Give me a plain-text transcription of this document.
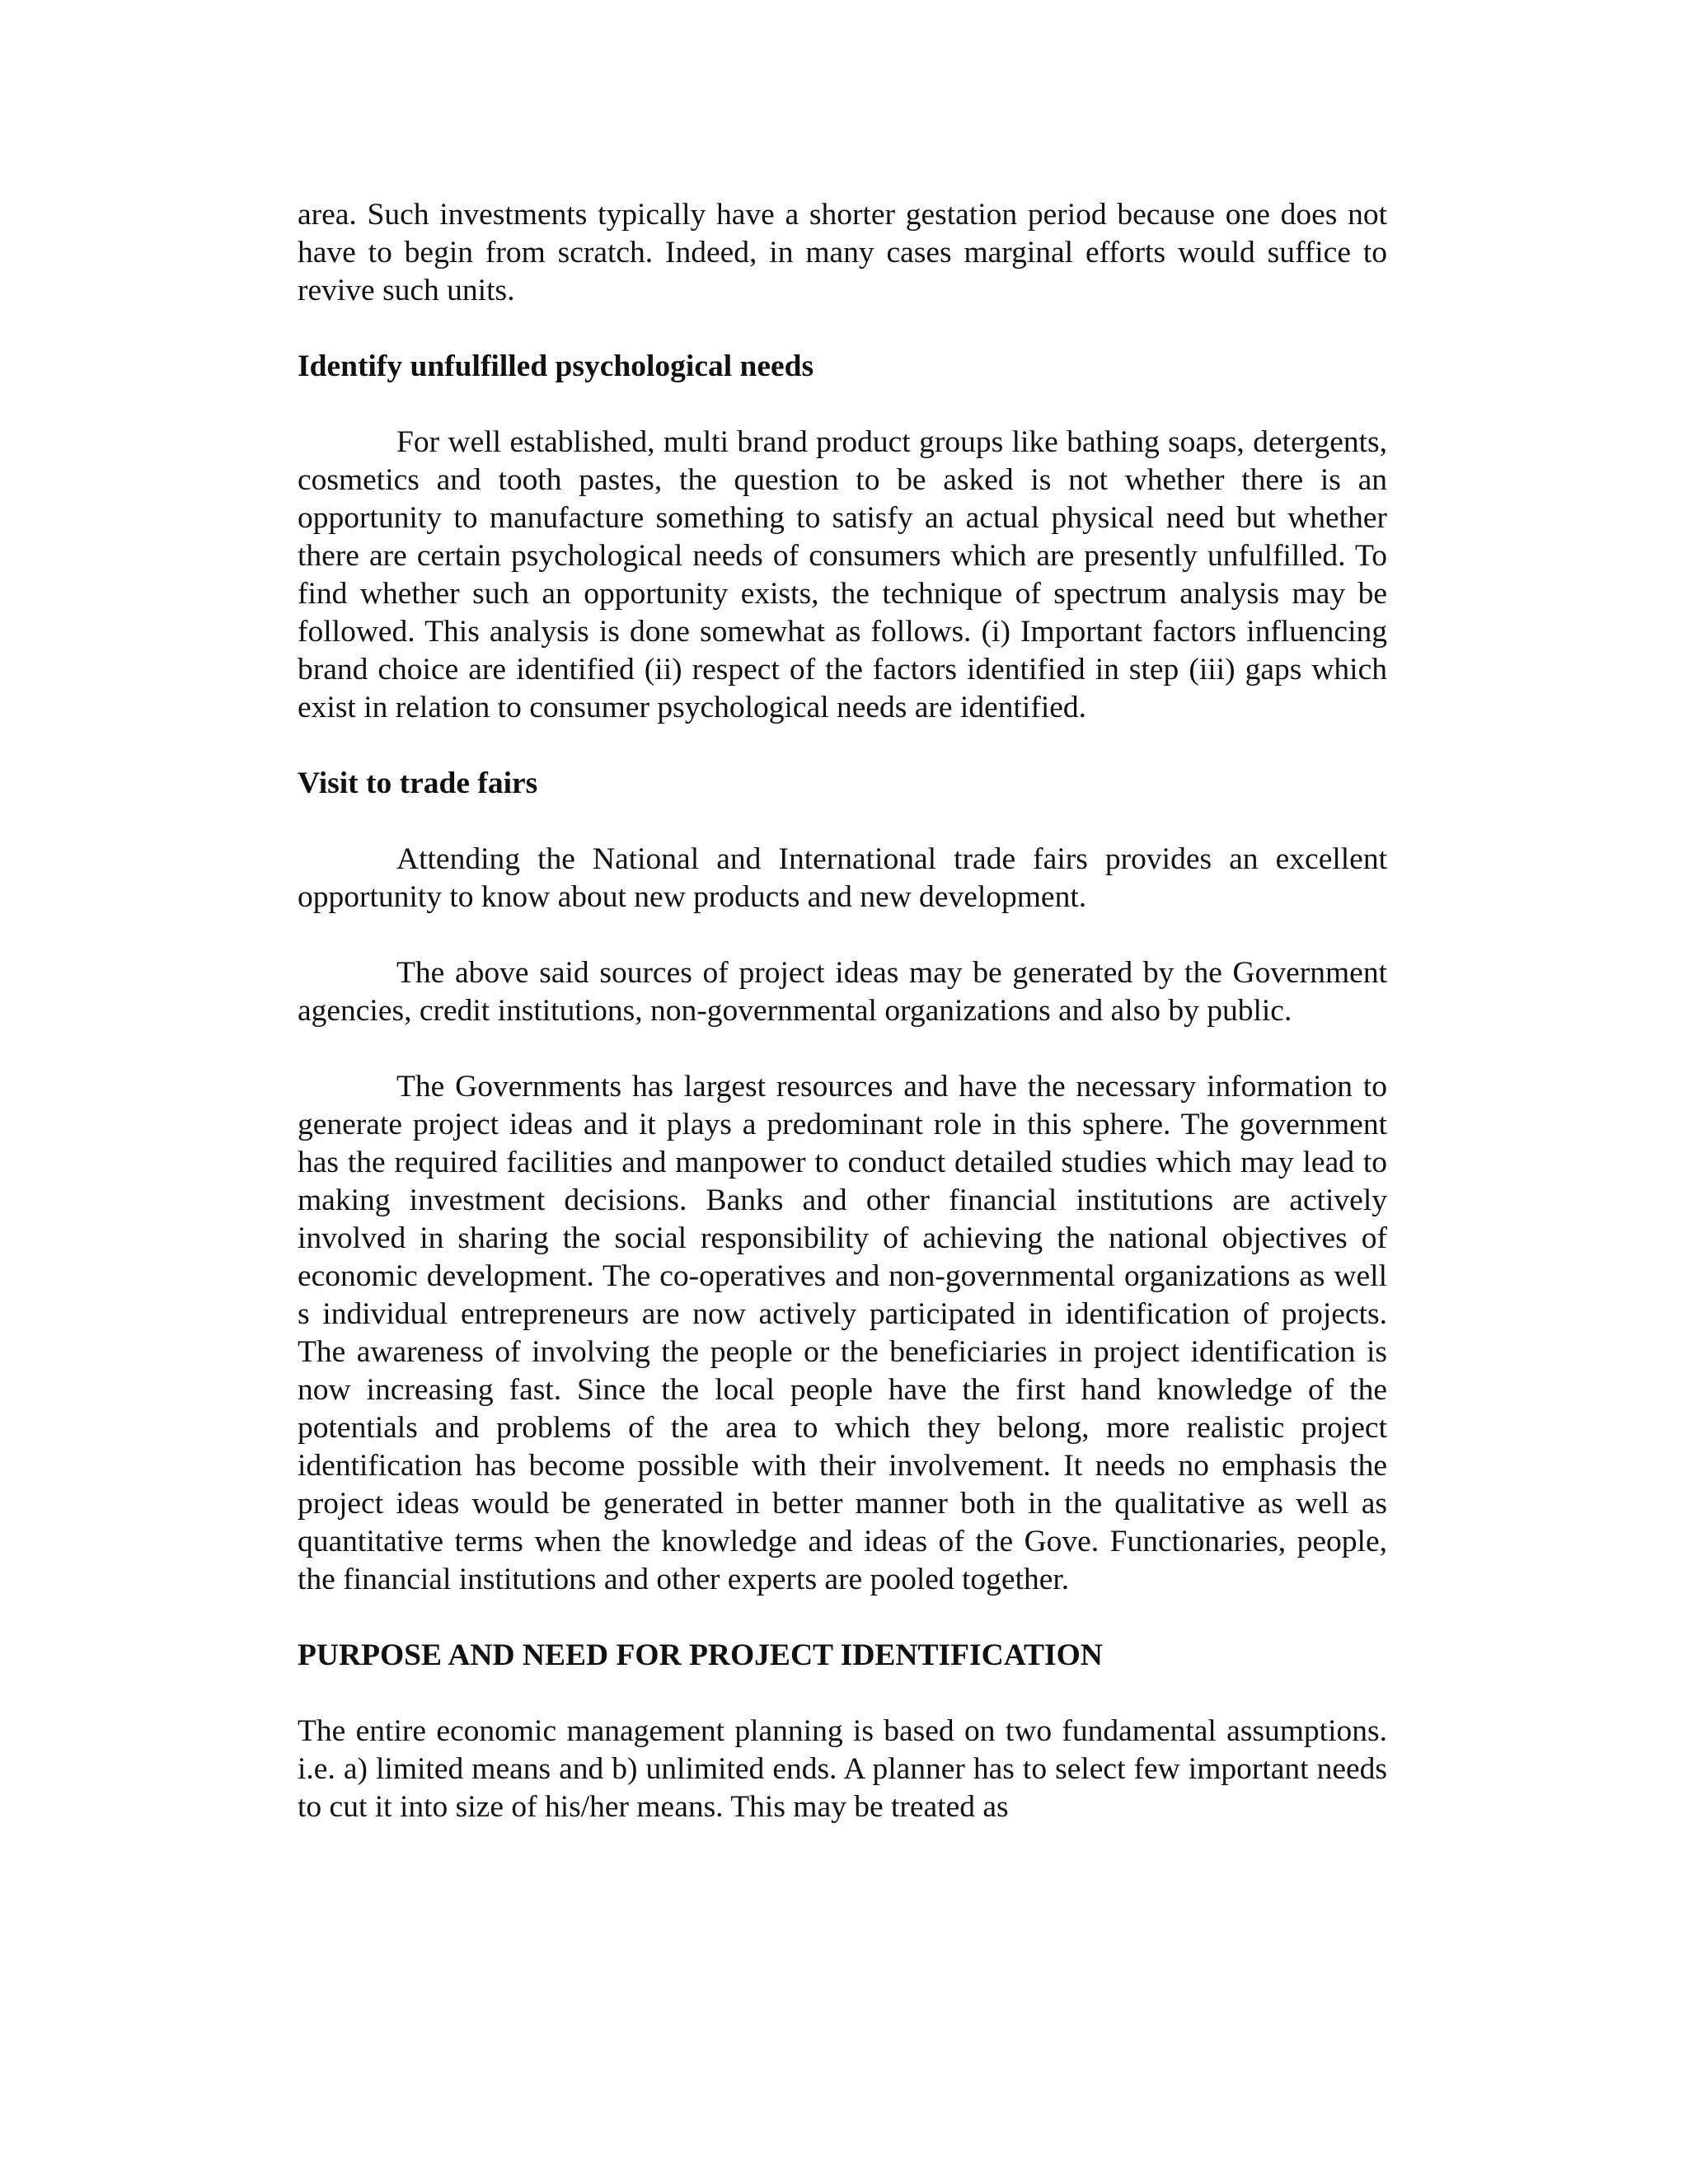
area. Such investments typically have a shorter gestation period because one does not have to begin from scratch. Indeed, in many cases marginal efforts would suffice to revive such units.

Identify unfulfilled psychological needs

For well established, multi brand product groups like bathing soaps, detergents, cosmetics and tooth pastes, the question to be asked is not whether there is an opportunity to manufacture something to satisfy an actual physical need but whether there are certain psychological needs of consumers which are presently unfulfilled. To find whether such an opportunity exists, the technique of spectrum analysis may be followed. This analysis is done somewhat as follows. (i) Important factors influencing brand choice are identified (ii) respect of the factors identified in step (iii) gaps which exist in relation to consumer psychological needs are identified.

Visit to trade fairs

Attending the National and International trade fairs provides an excellent opportunity to know about new products and new development.

The above said sources of project ideas may be generated by the Government agencies, credit institutions, non-governmental organizations and also by public.

The Governments has largest resources and have the necessary information to generate project ideas and it plays a predominant role in this sphere. The government has the required facilities and manpower to conduct detailed studies which may lead to making investment decisions. Banks and other financial institutions are actively involved in sharing the social responsibility of achieving the national objectives of economic development. The co-operatives and non-governmental organizations as well s individual entrepreneurs are now actively participated in identification of projects. The awareness of involving the people or the beneficiaries in project identification is now increasing fast. Since the local people have the first hand knowledge of the potentials and problems of the area to which they belong, more realistic project identification has become possible with their involvement. It needs no emphasis the project ideas would be generated in better manner both in the qualitative as well as quantitative terms when the knowledge and ideas of the Gove. Functionaries, people, the financial institutions and other experts are pooled together.

PURPOSE AND NEED FOR PROJECT IDENTIFICATION

The entire economic management planning is based on two fundamental assumptions. i.e. a) limited means and b) unlimited ends. A planner has to select few important needs to cut it into size of his/her means. This may be treated as
